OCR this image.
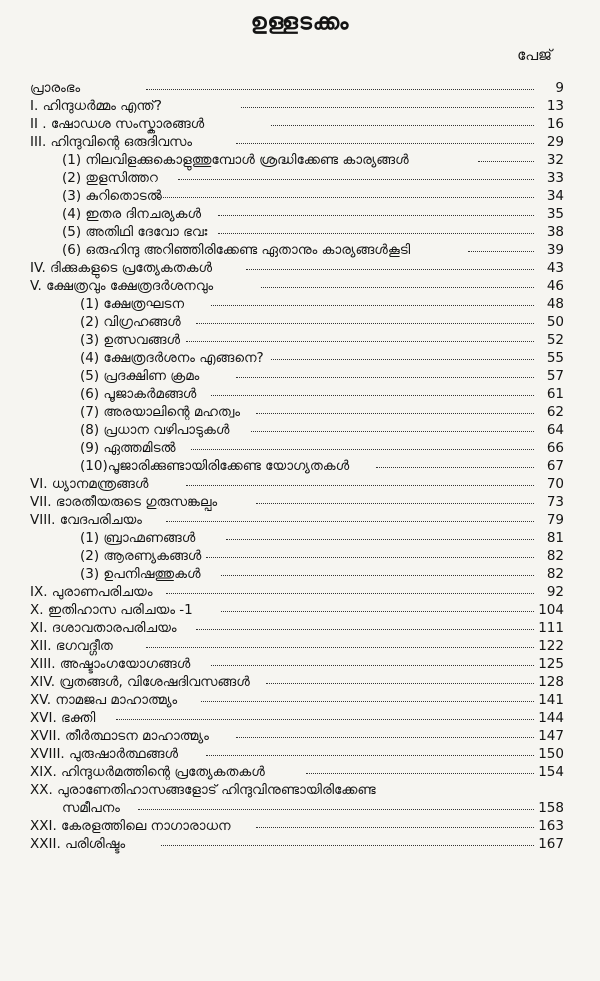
ഉള്ളടക്കം
പേജ്
പ്രാരംഭം	9
I. ഹിന്ദുധർമ്മം എന്ത്?	13
II . ഷോഡശ സംസ്കാരങ്ങൾ	16
III. ഹിന്ദുവിന്റെ ഒരുദിവസം	29
(1) നിലവിളക്കുകൊളുത്തുമ്പോൾ ശ്രദ്ധിക്കേണ്ട കാര്യങ്ങൾ	32
(2) തുളസിത്തറ	33
(3) കുറിതൊടൽ	34
(4) ഇതര ദിനചര്യകൾ	35
(5) അതിഥി ദേവോ ഭവഃ	38
(6) ഒരുഹിന്ദു അറിഞ്ഞിരിക്കേണ്ട ഏതാനും കാര്യങ്ങൾകൂടി	39
IV. ദിക്കുകളുടെ പ്രത്യേകതകൾ	43
V. ക്ഷേത്രവും ക്ഷേത്രദർശനവും	46
(1) ക്ഷേത്രഘടന	48
(2) വിഗ്രഹങ്ങൾ	50
(3) ഉത്സവങ്ങൾ	52
(4) ക്ഷേത്രദർശനം എങ്ങനെ?	55
(5) പ്രദക്ഷിണ ക്രമം	57
(6) പൂജാകർമങ്ങൾ	61
(7) അരയാലിന്റെ മഹത്വം	62
(8) പ്രധാന വഴിപാടുകൾ	64
(9) ഏത്തമിടൽ	66
(10)പൂജാരിക്കുണ്ടായിരിക്കേണ്ട യോഗ്യതകൾ	67
VI. ധ്യാനമന്ത്രങ്ങൾ	70
VII. ഭാരതീയരുടെ ഗുരുസങ്കല്പം	73
VIII. വേദപരിചയം	79
(1) ബ്രാഹ്മണങ്ങൾ	81
(2) ആരണ്യകങ്ങൾ	82
(3) ഉപനിഷത്തുകൾ	82
IX. പുരാണപരിചയം	92
X. ഇതിഹാസ പരിചയം -1	104
XI. ദശാവതാരപരിചയം	111
XII. ഭഗവദ്ഗീത	122
XIII. അഷ്ടാംഗയോഗങ്ങൾ	125
XIV. വ്രതങ്ങൾ, വിശേഷദിവസങ്ങൾ	128
XV. നാമജപ മാഹാത്മ്യം	141
XVI. ഭക്തി	144
XVII. തീർത്ഥാടന മാഹാത്മ്യം	147
XVIII. പുരുഷാർത്ഥങ്ങൾ	150
XIX. ഹിന്ദുധർമത്തിന്റെ പ്രത്യേകതകൾ	154
XX. പുരാണേതിഹാസങ്ങളോട് ഹിന്ദുവിനുണ്ടായിരിക്കേണ്ട
സമീപനം	158
XXI. കേരളത്തിലെ നാഗാരാധന	163
XXII. പരിശിഷ്ടം	167
